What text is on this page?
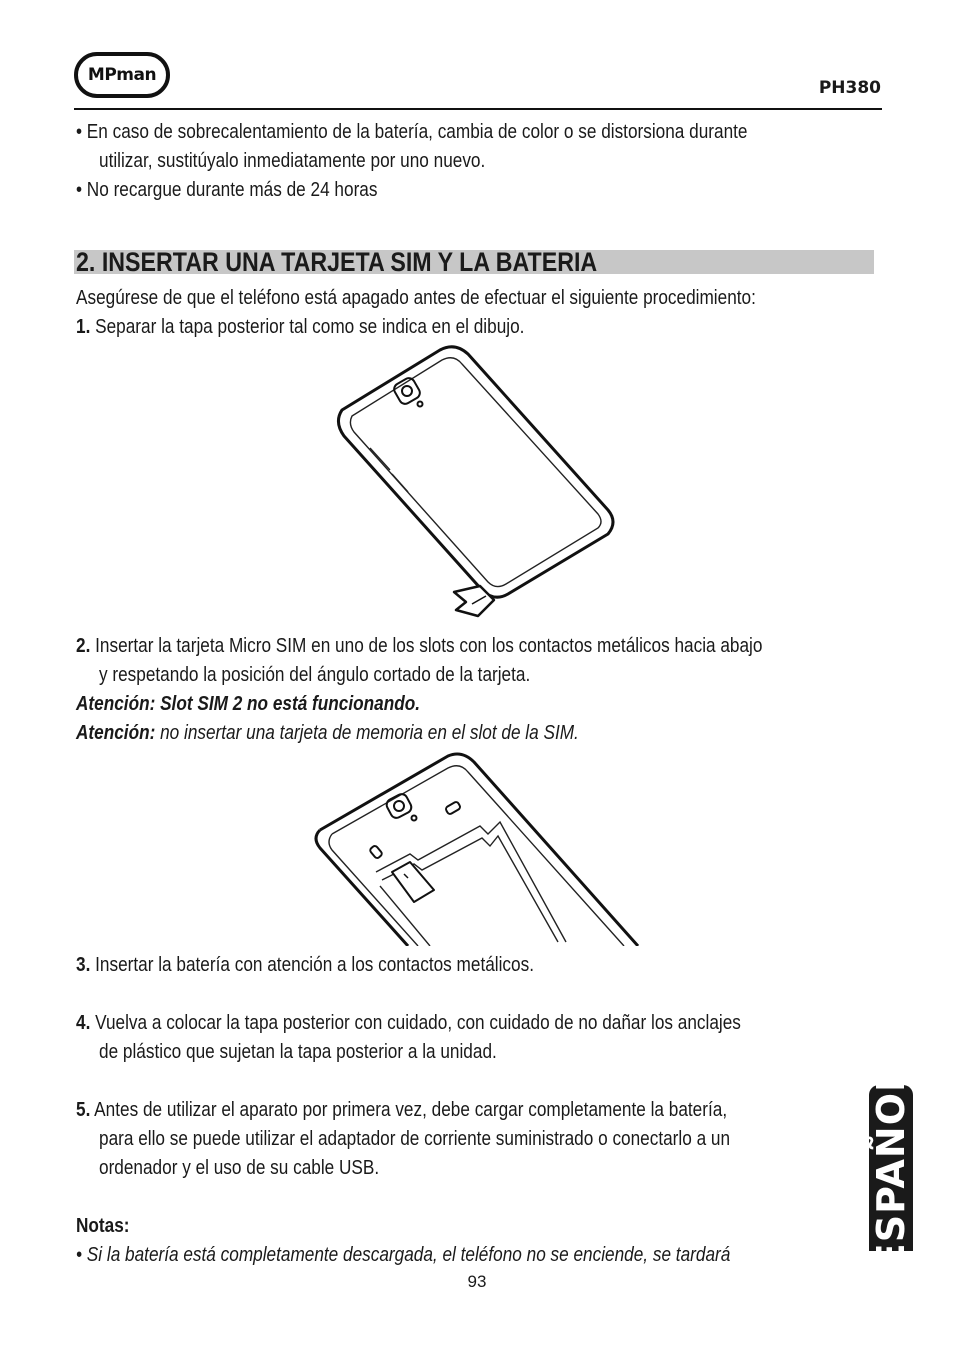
MPman
PH380
• En caso de sobrecalentamiento de la batería, cambia de color o se distorsiona durante
utilizar, sustitúyalo inmediatamente por uno nuevo.
• No recargue durante más de 24 horas
2. INSERTAR UNA TARJETA SIM Y LA BATERIA
Asegúrese de que el teléfono está apagado antes de efectuar el siguiente procedimiento:
1. Separar la tapa posterior tal como se indica en el dibujo.
2. Insertar la tarjeta Micro SIM en uno de los slots con los contactos metálicos hacia abajo
y respetando la posición del ángulo cortado de la tarjeta.
Atención: Slot SIM 2 no está funcionando.
Atención: no insertar una tarjeta de memoria en el slot de la SIM.
3. Insertar la batería con atención a los contactos metálicos.
4. Vuelva a colocar la tapa posterior con cuidado, con cuidado de no dañar los anclajes
de plástico que sujetan la tapa posterior a la unidad.
5. Antes de utilizar el aparato por primera vez, debe cargar completamente la batería,
para ello se puede utilizar el adaptador de corriente suministrado o conectarlo a un
ordenador y el uso de su cable USB.
Notas:
• Si la batería está completamente descargada, el teléfono no se enciende, se tardará	ESPAÑOL
93
